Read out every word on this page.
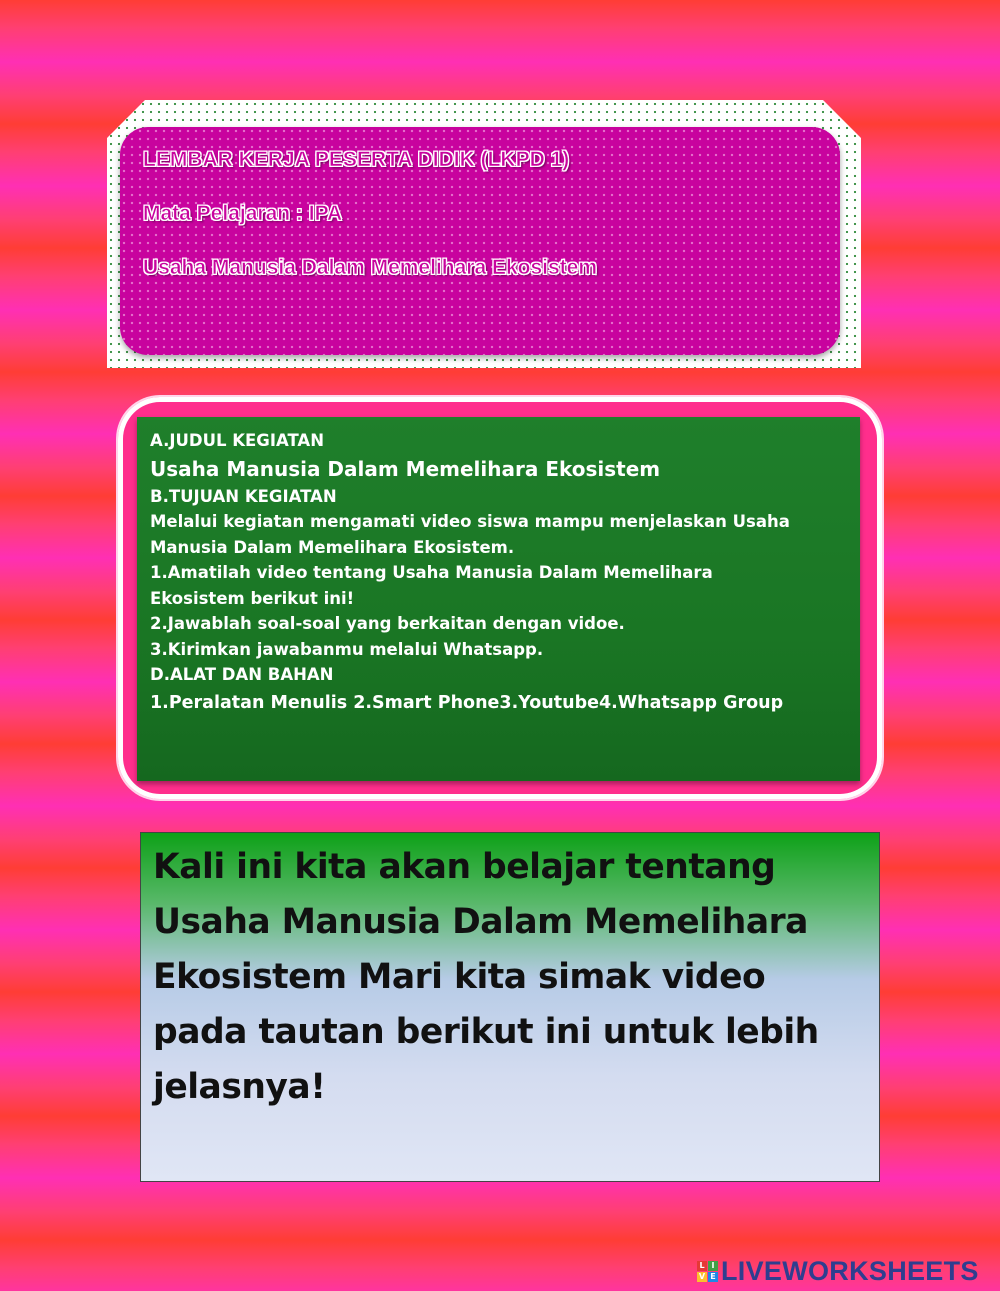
LEMBAR KERJA PESERTA DIDIK (LKPD 1)

Mata Pelajaran : IPA

Usaha Manusia Dalam Memelihara Ekosistem

A.JUDUL KEGIATAN
Usaha Manusia Dalam Memelihara Ekosistem
B.TUJUAN KEGIATAN
Melalui kegiatan mengamati video siswa mampu menjelaskan Usaha
Manusia Dalam Memelihara Ekosistem.
1.Amatilah video tentang Usaha Manusia Dalam Memelihara
Ekosistem berikut ini!
2.Jawablah soal-soal yang berkaitan dengan vidoe.
3.Kirimkan jawabanmu melalui Whatsapp.
D.ALAT DAN BAHAN
1.Peralatan Menulis 2.Smart Phone3.Youtube4.Whatsapp Group
Kali ini kita akan belajar tentang
Usaha Manusia Dalam Memelihara
Ekosistem Mari kita simak video
pada tautan berikut ini untuk lebih
jelasnya!
L I
V E LIVEWORKSHEETS
